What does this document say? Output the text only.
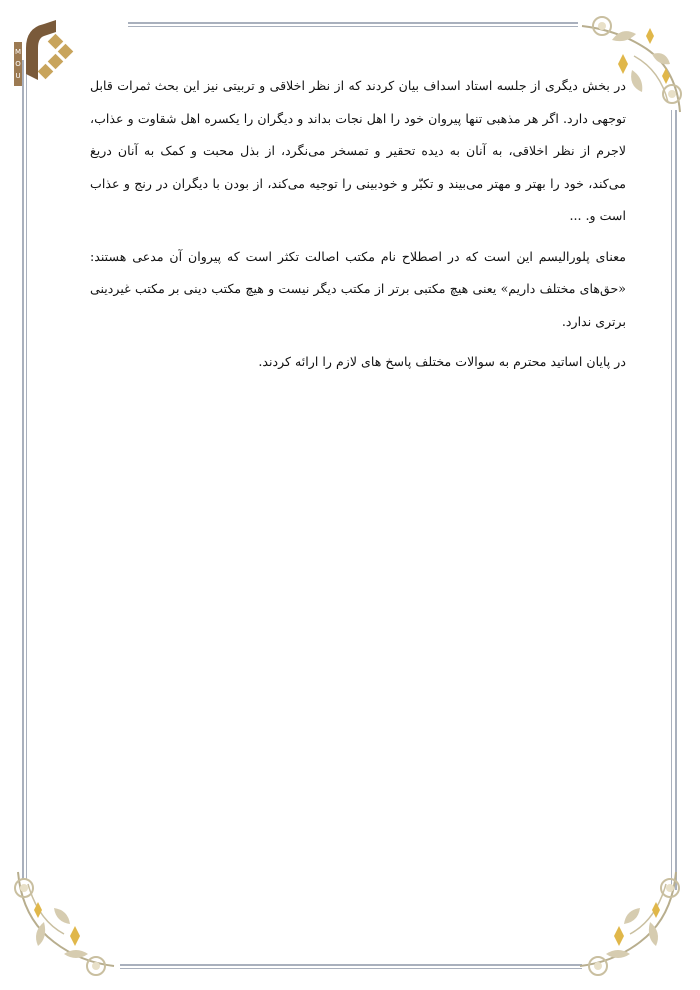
M
O
U

در بخش دیگری از جلسه استاد اسداف بیان کردند که از نظر اخلاقی و تربیتی نیز این بحث ثمرات قابل توجهی دارد. اگر هر مذهبی تنها پیروان خود را اهل نجات بداند و دیگران را یکسره اهل شقاوت و عذاب، لاجرم از نظر اخلاقی، به آنان به دیده تحقیر و تمسخر می‌نگرد، از بذل محبت و کمک به آنان دریغ می‌کند، خود را بهتر و مهتر می‌بیند و تکبّر و خودبینی را توجیه می‌کند، از بودن با دیگران در رنج و عذاب است و. ...

معنای پلورالیسم این است که در اصطلاح نام مکتب اصالت تکثر است که پیروان آن مدعی هستند: «حق‌های مختلف داریم» یعنی هیچ مکتبی برتر از مکتب دیگر نیست و هیچ مکتب دینی بر مکتب غیردینی برتری ندارد.

در پایان اساتید محترم به سوالات مختلف پاسخ های لازم را ارائه کردند.
